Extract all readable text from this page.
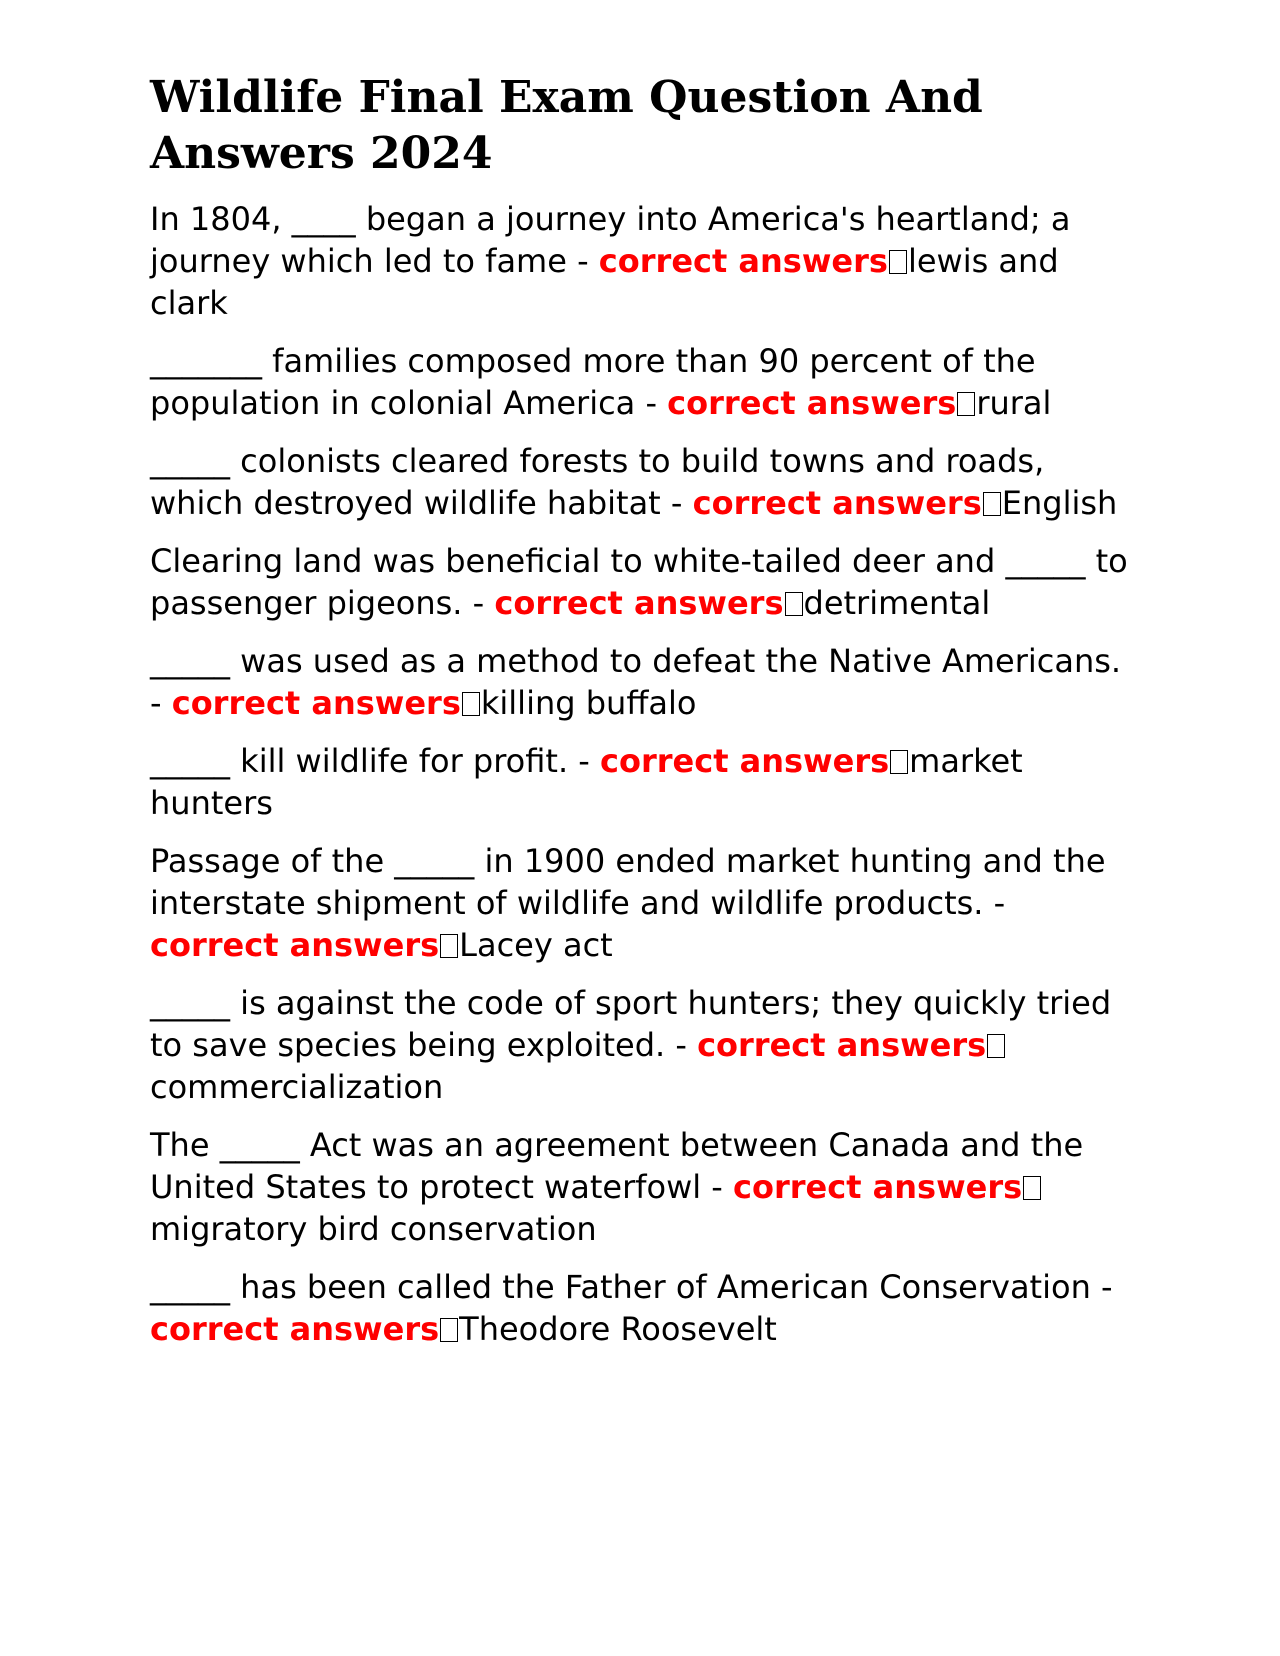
Wildlife Final Exam Question And Answers 2024

In 1804, ____ began a journey into America's heartland; a journey which led to fame - correct answers lewis and clark

_______ families composed more than 90 percent of the population in colonial America - correct answers rural

_____ colonists cleared forests to build towns and roads, which destroyed wildlife habitat - correct answers English

Clearing land was beneficial to white-tailed deer and _____ to passenger pigeons. - correct answers detrimental

_____ was used as a method to defeat the Native Americans. - correct answers killing buffalo

_____ kill wildlife for profit. - correct answers market hunters

Passage of the _____ in 1900 ended market hunting and the interstate shipment of wildlife and wildlife products. - correct answers Lacey act

_____ is against the code of sport hunters; they quickly tried to save species being exploited. - correct answerscommercialization

The _____ Act was an agreement between Canada and the United States to protect waterfowl - correct answersmigratory bird conservation

_____ has been called the Father of American Conservation - correct answers Theodore Roosevelt
